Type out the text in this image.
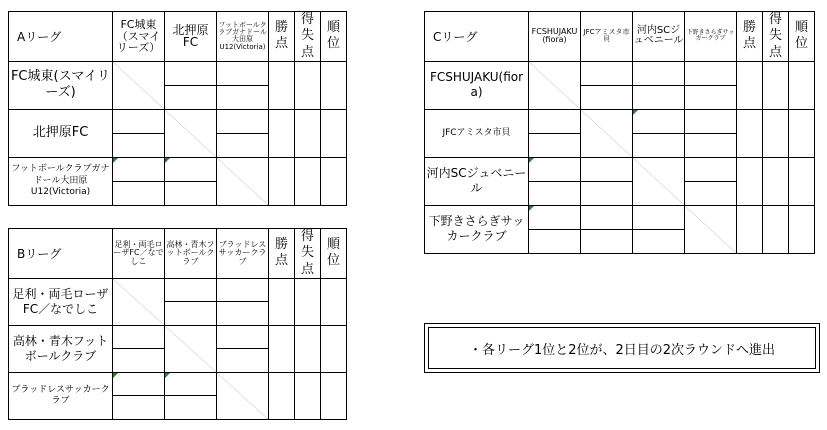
Aリーグ	FC城東（スマイリーズ）	北押原FC	フットボールクラブガナドール大田原U12(Victoria)	勝点	得失点	順位
FC城東(スマイリーズ)	

北押原FC	

フットボールクラブガナドール大田原U12(Victoria)	

Bリーグ	足利・両毛ローザFC／なでしこ	高林・青木フットボールクラブ	ブラッドレスサッカークラブ	勝点	得失点	順位
足利・両毛ローザFC／なでしこ	

高林・青木フットボールクラブ	

ブラッドレスサッカークラブ	

Cリーグ	FCSHUJAKU(fiora)	JFCアミスタ市貝	河内SCジュベニール	下野きさらぎサッカークラブ	勝点	得失点	順位
FCSHUJAKU(fiora)	

JFCアミスタ市貝	

河内SCジュベニール	

下野きさらぎサッカークラブ	

・各リーグ1位と2位が、2日目の2次ラウンドへ進出
